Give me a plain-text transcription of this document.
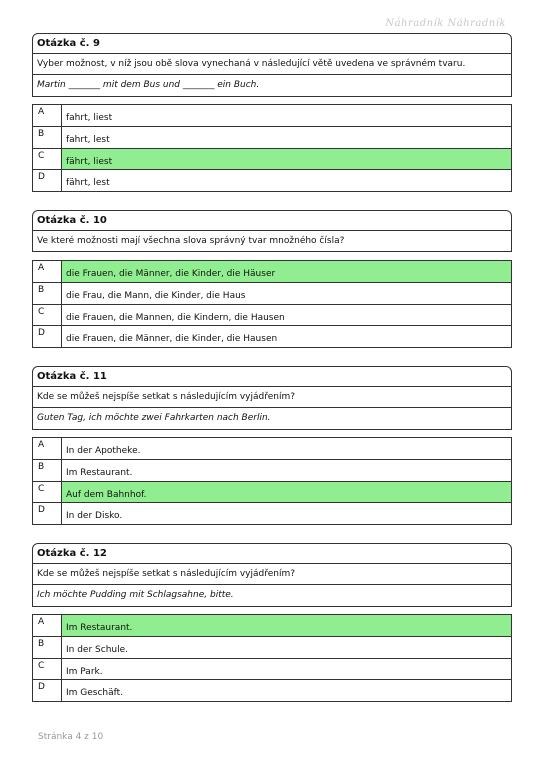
Náhradník Náhradník
Otázka č. 9
Vyber možnost, v níž jsou obě slova vynechaná v následující větě uvedena ve správném tvaru.
Martin _______ mit dem Bus und _______ ein Buch.
A
fahrt, liest
B
fahrt, lest
C
fährt, liest
D
fährt, lest
Otázka č. 10
Ve které možnosti mají všechna slova správný tvar množného čísla?
A
die Frauen, die Männer, die Kinder, die Häuser
B
die Frau, die Mann, die Kinder, die Haus
C
die Frauen, die Mannen, die Kindern, die Hausen
D
die Frauen, die Männer, die Kinder, die Hausen
Otázka č. 11
Kde se můžeš nejspíše setkat s následujícím vyjádřením?
Guten Tag, ich möchte zwei Fahrkarten nach Berlin.
A
In der Apotheke.
B
Im Restaurant.
C
Auf dem Bahnhof.
D
In der Disko.
Otázka č. 12
Kde se můžeš nejspíše setkat s následujícím vyjádřením?
Ich möchte Pudding mit Schlagsahne, bitte.
A
Im Restaurant.
B
In der Schule.
C
Im Park.
D
Im Geschäft.
Stránka 4 z 10
